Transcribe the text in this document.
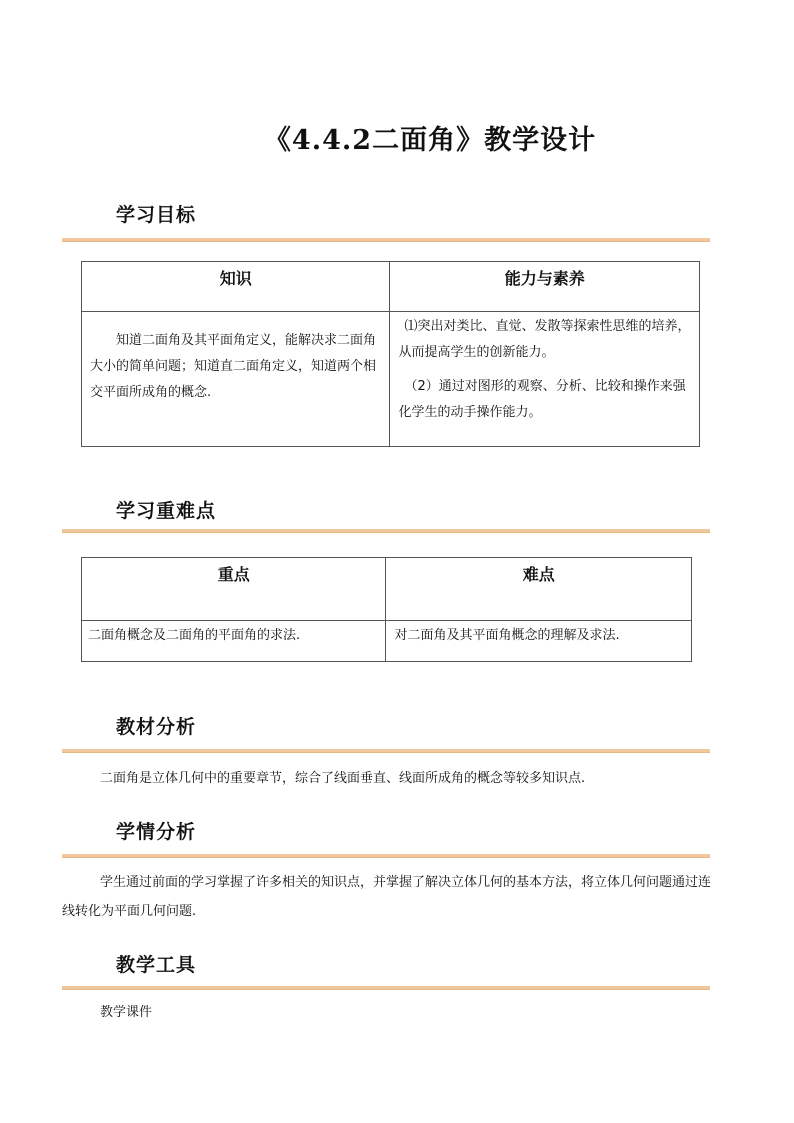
《4.4.2二面角》教学设计
学习目标
知识	能力与素养

知道二面角及其平面角定义，能解决求二面角大小的简单问题；知道直二面角定义，知道两个相交平面所成角的概念.	⑴突出对类比、直觉、发散等探索性思维的培养，从而提高学生的创新能力。
（2）通过对图形的观察、分析、比较和操作来强化学生的动手操作能力。
学习重难点
重点	难点

二面角概念及二面角的平面角的求法.	对二面角及其平面角概念的理解及求法.
教材分析
二面角是立体几何中的重要章节，综合了线面垂直、线面所成角的概念等较多知识点.
学情分析
学生通过前面的学习掌握了许多相关的知识点，并掌握了解决立体几何的基本方法，将立体几何问题通过连线转化为平面几何问题.
教学工具
教学课件
